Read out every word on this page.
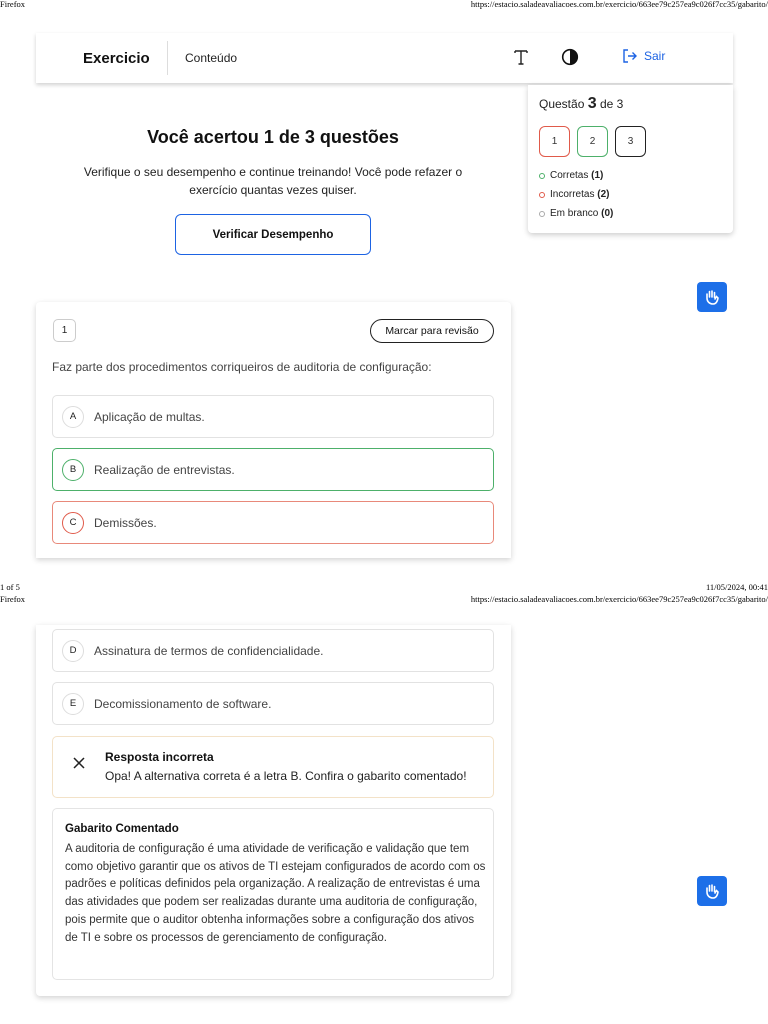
Firefox	https://estacio.saladeavaliacoes.com.br/exercicio/663ee79c257ea9c026f7cc35/gabarito/
1 of 5	11/05/2024, 00:41
Firefox	https://estacio.saladeavaliacoes.com.br/exercicio/663ee79c257ea9c026f7cc35/gabarito/
Exercicio	Conteúdo	Sair
Questão 3 de 3
1	2	3
Corretas
(1)
Incorretas
(2)
Em branco
(0)
Você acertou 1 de 3 questões
Verifique o seu desempenho e continue treinando! Você pode refazer o exercício quantas vezes quiser.
Verificar Desempenho
1	Marcar para revisão
Faz parte dos procedimentos corriqueiros de auditoria de configuração:
A	Aplicação de multas.
B	Realização de entrevistas.
C	Demissões.
D	Assinatura de termos de confidencialidade.
E	Decomissionamento de software.
Resposta incorreta
Opa! A alternativa correta é a letra B. Confira o gabarito comentado!
Gabarito Comentado
A auditoria de configuração é uma atividade de verificação e validação que tem como objetivo garantir que os ativos de TI estejam configurados de acordo com os padrões e políticas definidos pela organização. A realização de entrevistas é uma das atividades que podem ser realizadas durante uma auditoria de configuração, pois permite que o auditor obtenha informações sobre a configuração dos ativos de TI e sobre os processos de gerenciamento de configuração.
